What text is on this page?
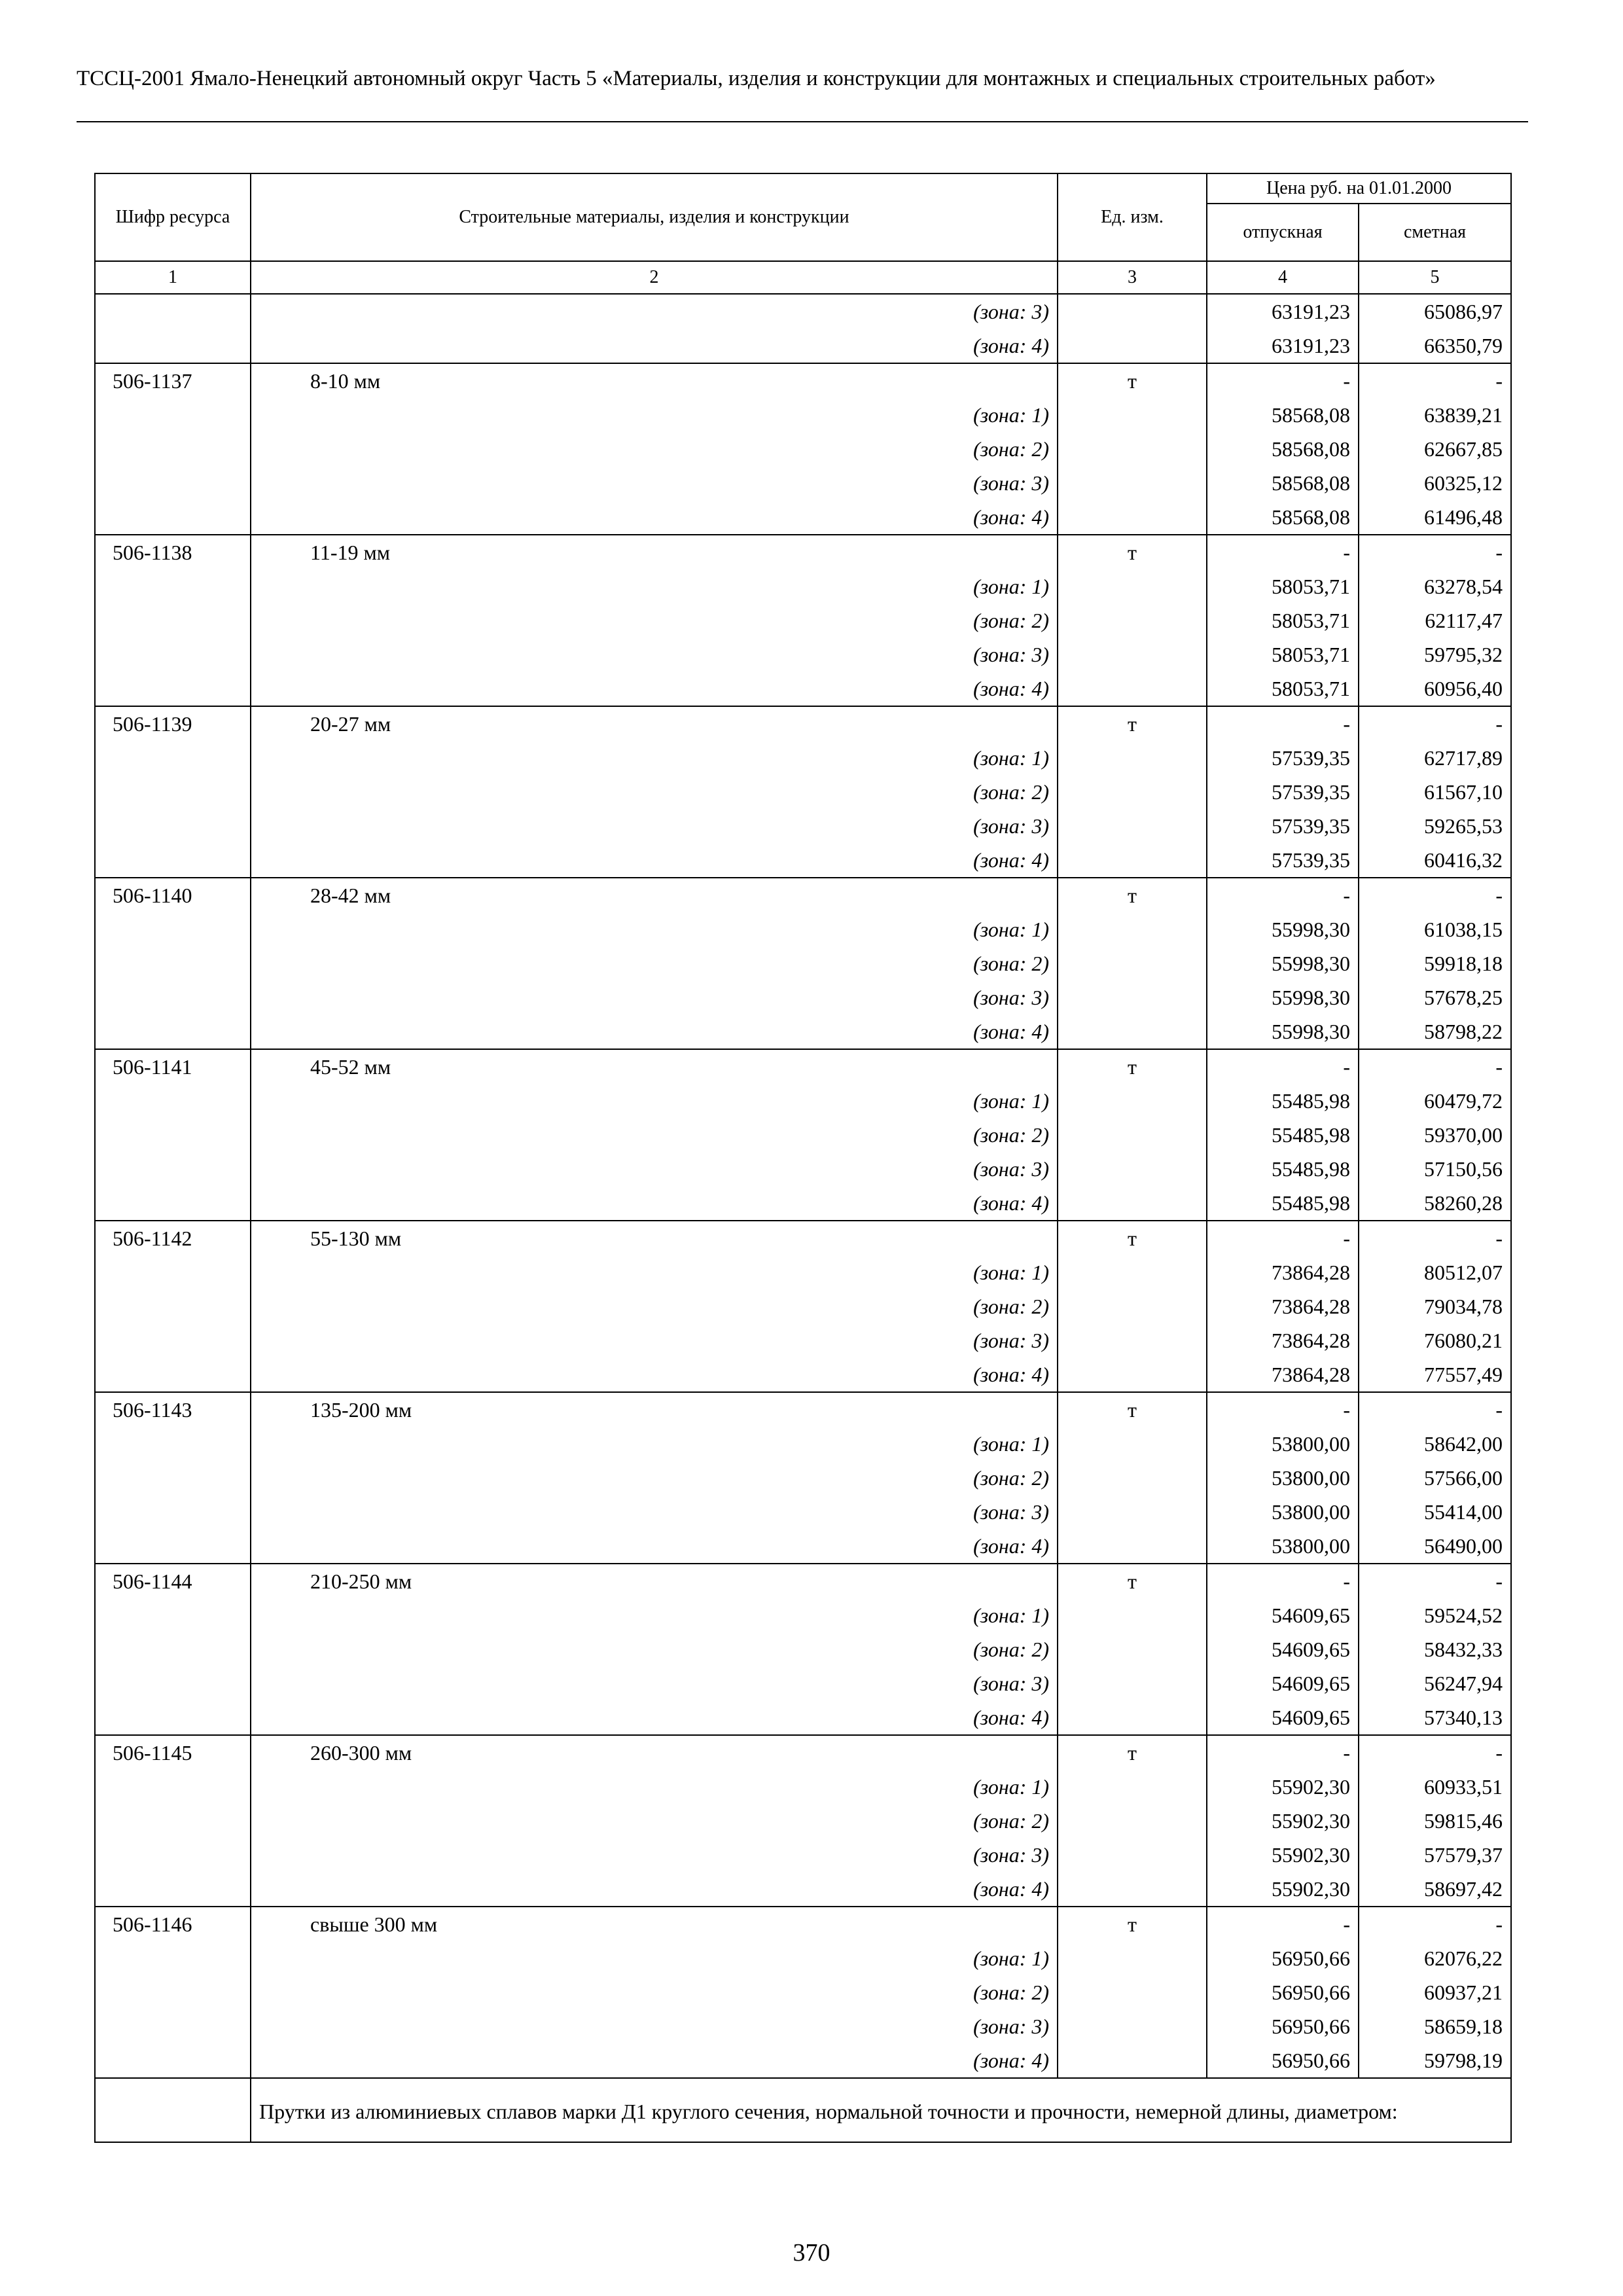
ТССЦ-2001 Ямало-Ненецкий автономный округ Часть 5 «Материалы, изделия и конструкции для монтажных и специальных строительных работ»
Шифр ресурса	Строительные материалы, изделия и конструкции	Ед. изм.	Цена руб. на 01.01.2000	
			отпускная	сметная
1	2	3	4	5
	(зона: 3)		63191,23	65086,97
	(зона: 4)		63191,23	66350,79
506-1137	8-10 мм	т	-	-
	(зона: 1)		58568,08	63839,21
	(зона: 2)		58568,08	62667,85
	(зона: 3)		58568,08	60325,12
	(зона: 4)		58568,08	61496,48
506-1138	11-19 мм	т	-	-
	(зона: 1)		58053,71	63278,54
	(зона: 2)		58053,71	62117,47
	(зона: 3)		58053,71	59795,32
	(зона: 4)		58053,71	60956,40
506-1139	20-27 мм	т	-	-
	(зона: 1)		57539,35	62717,89
	(зона: 2)		57539,35	61567,10
	(зона: 3)		57539,35	59265,53
	(зона: 4)		57539,35	60416,32
506-1140	28-42 мм	т	-	-
	(зона: 1)		55998,30	61038,15
	(зона: 2)		55998,30	59918,18
	(зона: 3)		55998,30	57678,25
	(зона: 4)		55998,30	58798,22
506-1141	45-52 мм	т	-	-
	(зона: 1)		55485,98	60479,72
	(зона: 2)		55485,98	59370,00
	(зона: 3)		55485,98	57150,56
	(зона: 4)		55485,98	58260,28
506-1142	55-130 мм	т	-	-
	(зона: 1)		73864,28	80512,07
	(зона: 2)		73864,28	79034,78
	(зона: 3)		73864,28	76080,21
	(зона: 4)		73864,28	77557,49
506-1143	135-200 мм	т	-	-
	(зона: 1)		53800,00	58642,00
	(зона: 2)		53800,00	57566,00
	(зона: 3)		53800,00	55414,00
	(зона: 4)		53800,00	56490,00
506-1144	210-250 мм	т	-	-
	(зона: 1)		54609,65	59524,52
	(зона: 2)		54609,65	58432,33
	(зона: 3)		54609,65	56247,94
	(зона: 4)		54609,65	57340,13
506-1145	260-300 мм	т	-	-
	(зона: 1)		55902,30	60933,51
	(зона: 2)		55902,30	59815,46
	(зона: 3)		55902,30	57579,37
	(зона: 4)		55902,30	58697,42
506-1146	свыше 300 мм	т	-	-
	(зона: 1)		56950,66	62076,22
	(зона: 2)		56950,66	60937,21
	(зона: 3)		56950,66	58659,18
	(зона: 4)		56950,66	59798,19
	Прутки из алюминиевых сплавов марки Д1 круглого сечения, нормальной точности и прочности, немерной длины, диаметром:			
370
